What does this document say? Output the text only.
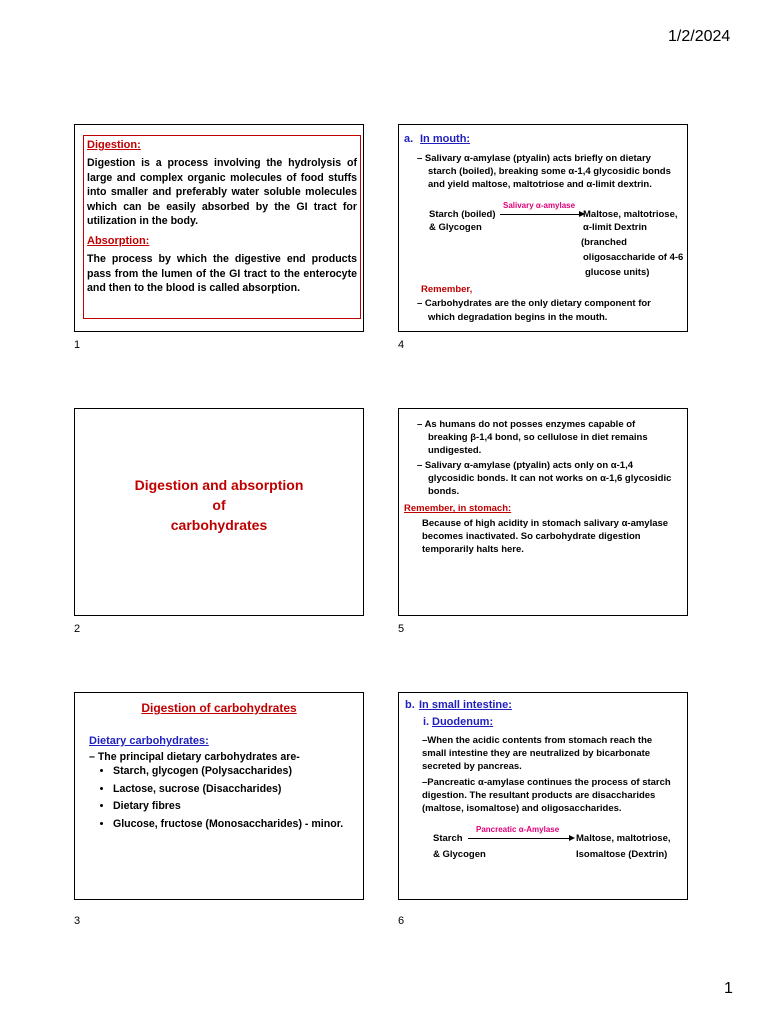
1/2/2024
Digestion:
Digestion is a process involving the hydrolysis of large and complex organic molecules of food stuffs into smaller and preferably water soluble molecules which can be easily absorbed by the GI tract for utilization in the body.
Absorption:
The process by which the digestive end products pass from the lumen of the GI tract to the enterocyte and then to the blood is called absorption.
1
a. In mouth:
– Salivary α-amylase (ptyalin) acts briefly on dietary
starch (boiled), breaking some α-1,4 glycosidic bonds
and yield maltose, maltotriose and α-limit dextrin.
Salivary α-amylase
Starch (boiled)
& Glycogen
Maltose, maltotriose,
α-limit Dextrin
(branched
oligosaccharide of 4-6
glucose units)
Remember,
– Carbohydrates are the only dietary component for
which degradation begins in the mouth.
4
Digestion and absorption
of
carbohydrates
2
– As humans do not posses enzymes capable of
breaking β-1,4 bond, so cellulose in diet remains
undigested.
– Salivary α-amylase (ptyalin) acts only on α-1,4
glycosidic bonds. It can not works on α-1,6 glycosidic
bonds.
Remember, in stomach:
Because of high acidity in stomach salivary α-amylase
becomes inactivated. So carbohydrate digestion
temporarily halts here.
5
Digestion of carbohydrates
Dietary carbohydrates:
– The principal dietary carbohydrates are-
• Starch, glycogen (Polysaccharides)
• Lactose, sucrose (Disaccharides)
• Dietary fibres
• Glucose, fructose (Monosaccharides) - minor.
3
b. In small intestine:
i. Duodenum:
–When the acidic contents from stomach reach the
small intestine they are neutralized by bicarbonate
secreted by pancreas.
–Pancreatic α-amylase continues the process of starch
digestion. The resultant products are disaccharides
(maltose, isomaltose) and oligosaccharides.
Pancreatic α-Amylase
Starch
& Glycogen
Maltose, maltotriose,
Isomaltose (Dextrin)
6
1
